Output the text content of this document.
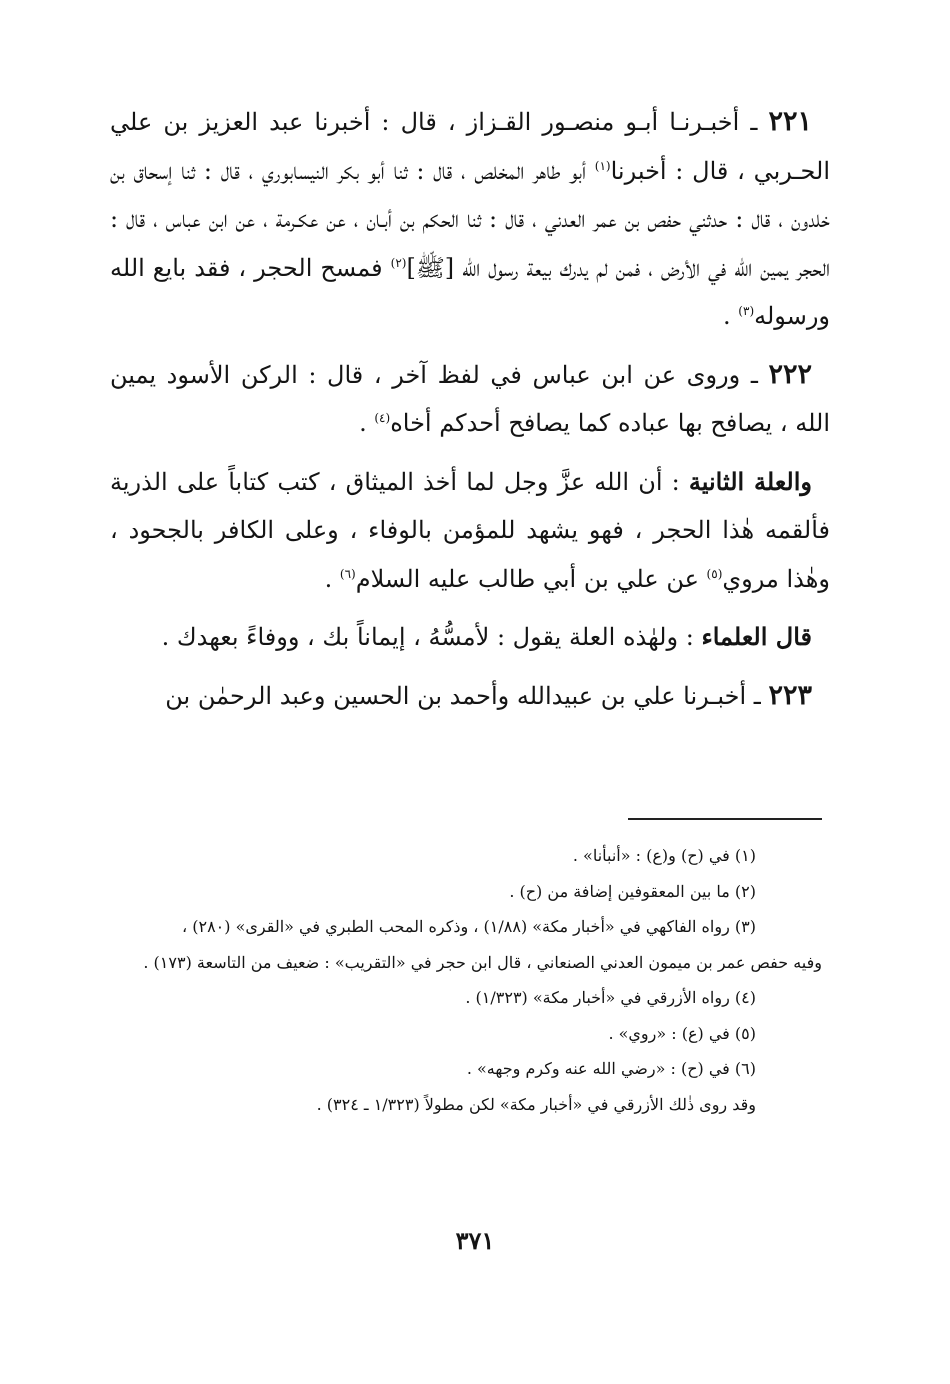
٢٢١ ـ أخبـرنـا أبـو منصـور القـزاز ، قال : أخبرنا عبد العزيز بن علي الحـربي ، قال : أخبرنا$^{(١)}$ أبو طاهر المخلص ، قال : ثنا أبو بكر النيسابوري ، قال : ثنا إسحاق بن خلدون ، قال : حدثني حفص بن عمر العدني ، قال : ثنا الحكم بن أبـان ، عن عكـرمة ، عن ابن عباس ، قال : الحجر يمين الله في الأرض ، فمن لم يدرك بيعة رسول الله [ﷺ]$^{(٢)}$ فمسح الحجر ، فقد بايع الله ورسوله$^{(٣)}$ .

٢٢٢ ـ وروى عن ابن عباس في لفظ آخر ، قال : الركن الأسود يمين الله ، يصافح بها عباده كما يصافح أحدكم أخاه$^{(٤)}$ .

والعلة الثانية : أن الله عزَّ وجل لما أخذ الميثاق ، كتب كتاباً على الذرية فألقمه هٰذا الحجر ، فهو يشهد للمؤمن بالوفاء ، وعلى الكافر بالجحود ، وهٰذا مروي$^{(٥)}$ عن علي بن أبي طالب عليه السلام$^{(٦)}$ .

قال العلماء : ولهٰذه العلة يقول : لأمسُّهُ ، إيماناً بك ، ووفاءً بعهدك .

٢٢٣ ـ أخبـرنا علي بن عبيدالله وأحمد بن الحسين وعبد الرحمٰن بن

(١) في (ح) و(ع) : «أنبأنا» .

(٢) ما بين المعقوفين إضافة من (ح) .

(٣) رواه الفاكهي في «أخبار مكة» (١/٨٨) ، وذكره المحب الطبري في «القرى» (٢٨٠) ،

وفيه حفص عمر بن ميمون العدني الصنعاني ، قال ابن حجر في «التقريب» : ضعيف من التاسعة (١٧٣) .

(٤) رواه الأزرقي في «أخبار مكة» (١/٣٢٣) .

(٥) في (ع) : «روي» .

(٦) في (ح) : «رضي الله عنه وكرم وجهه» .

وقد روى ذٰلك الأزرقي في «أخبار مكة» لكن مطولاً (١/٣٢٣ ـ ٣٢٤) .

٣٧١
